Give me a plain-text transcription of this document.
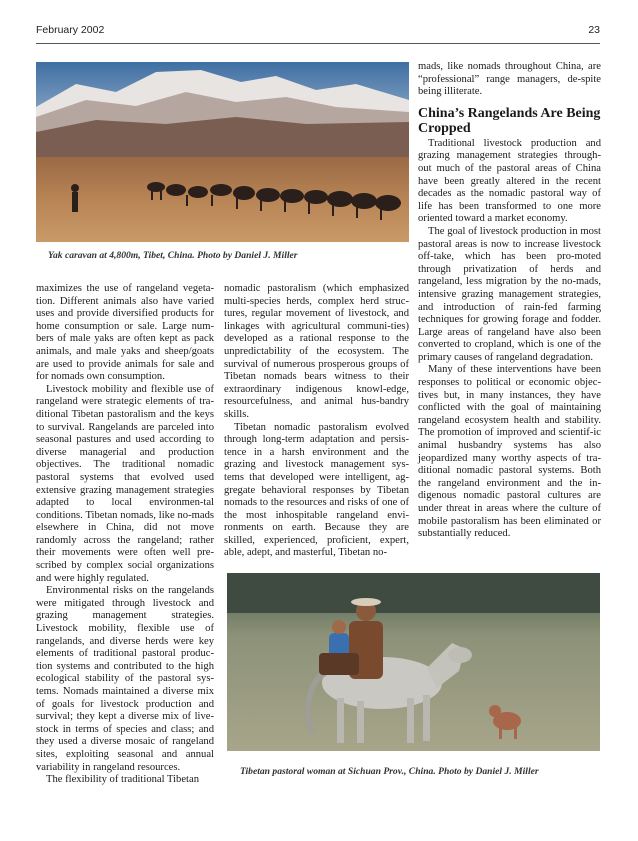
February 2002	23
Yak caravan at 4,800m, Tibet, China. Photo by Daniel J. Miller

maximizes the use of rangeland vegeta-tion. Different animals also have varied uses and provide diversified products for home consumption or sale. Large num-bers of male yaks are often kept as pack animals, and male yaks and sheep/goats are used to provide animals for sale and for nomads own consumption.

Livestock mobility and flexible use of rangeland were strategic elements of tra-ditional Tibetan pastoralism and the keys to survival. Rangelands are parceled into seasonal pastures and used according to diverse managerial and production objectives. The traditional nomadic pastoral systems that evolved used extensive grazing management strategies adapted to local environmen-tal conditions. Tibetan nomads, like no-mads elsewhere in China, did not move randomly across the rangeland; rather their movements were often well pre-scribed by complex social organizations and were highly regulated.

Environmental risks on the rangelands were mitigated through livestock and grazing management strategies. Livestock mobility, flexible use of rangelands, and diverse herds were key elements of traditional pastoral produc-tion systems and contributed to the high ecological stability of the pastoral sys-tems. Nomads maintained a diverse mix of goals for livestock production and survival; they kept a diverse mix of live-stock in terms of species and class; and they used a diverse mosaic of rangeland sites, exploiting seasonal and annual variability in rangeland resources.

The flexibility of traditional Tibetan

nomadic pastoralism (which emphasized multi-species herds, complex herd struc-tures, regular movement of livestock, and linkages with agricultural communi-ties) developed as a rational response to the unpredictability of the ecosystem. The survival of numerous prosperous groups of Tibetan nomads bears witness to their extraordinary indigenous knowl-edge, resourcefulness, and animal hus-bandry skills.

Tibetan nomadic pastoralism evolved through long-term adaptation and persis-tence in a harsh environment and the grazing and livestock management sys-tems that developed were intelligent, ag-gregate behavioral responses by Tibetan nomads to the resources and risks of one of the most inhospitable rangeland envi-ronments on earth. Because they are skilled, experienced, proficient, expert, able, adept, and masterful, Tibetan no-

mads, like nomads throughout China, are “professional” range managers, de-spite being illiterate.

China’s Rangelands Are Being Cropped

Traditional livestock production and grazing management strategies through-out much of the pastoral areas of China have been greatly altered in the recent decades as the nomadic pastoral way of life has been transformed to one more oriented toward a market economy.

The goal of livestock production in most pastoral areas is now to increase livestock off-take, which has been pro-moted through privatization of herds and rangeland, less migration by the no-mads, intensive grazing management strategies, and introduction of rain-fed farming techniques for growing forage and fodder. Large areas of rangeland have also been converted to cropland, which is one of the primary causes of rangeland degradation.

Many of these interventions have been responses to political or economic objec-tives but, in many instances, they have conflicted with the goal of maintaining rangeland ecosystem health and stability. The promotion of improved and scientif-ic animal husbandry systems has also jeopardized many worthy aspects of tra-ditional nomadic pastoral systems. Both the rangeland environment and the in-digenous nomadic pastoral cultures are under threat in areas where the culture of mobile pastoralism has been eliminated or substantially reduced.

Tibetan pastoral woman at Sichuan Prov., China. Photo by Daniel J. Miller
